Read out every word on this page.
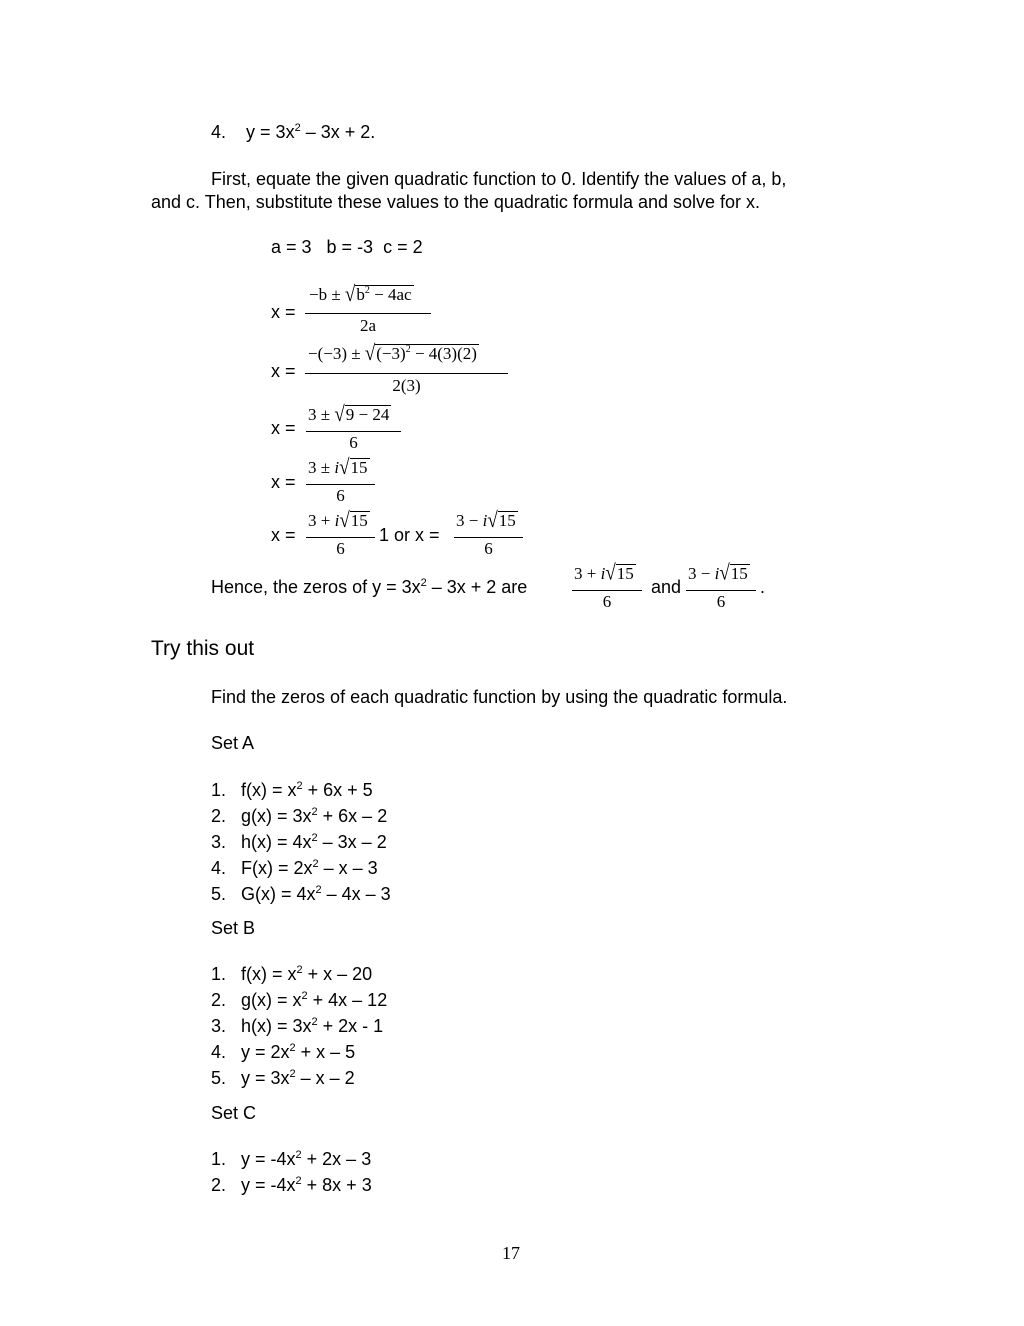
4. $y = 3x^2 - 3x + 2$.
First, equate the given quadratic function to 0. Identify the values of a, b,
and c. Then, substitute these values to the quadratic formula and solve for x.
a = 3   b = -3  c = 2
x =
$-b \pm √b^2 - 4ac$
2a
x =
$-(-3) \pm √(-3)^2 - 4(3)(2)$
2(3)
x =
3 ± √9 − 24
6
x =
3 ± i√15
6
x =
3 + i√15
6
1 or x =
3 − i√15
6
Hence, the zeros of $y = 3x^2 - 3x + 2$ are
3 + i√15
6
and
3 − i√15
6
.
Try this out
Find the zeros of each quadratic function by using the quadratic formula.
Set A
1. $f(x) = x^2 + 6x + 5$
2. $g(x) = 3x^2 + 6x - 2$
3. $h(x) = 4x^2 - 3x - 2$
4. $F(x) = 2x^2 - x - 3$
5. $G(x) = 4x^2 - 4x - 3$
Set B
1. $f(x) = x^2 + x - 20$
2. $g(x) = x^2 + 4x - 12$
3. $h(x) = 3x^2 + 2x - 1$
4. $y = 2x^2 + x - 5$
5. $y = 3x^2 - x - 2$
Set C
1. $y = -4x^2 + 2x - 3$
2. $y = -4x^2 + 8x + 3$
17
